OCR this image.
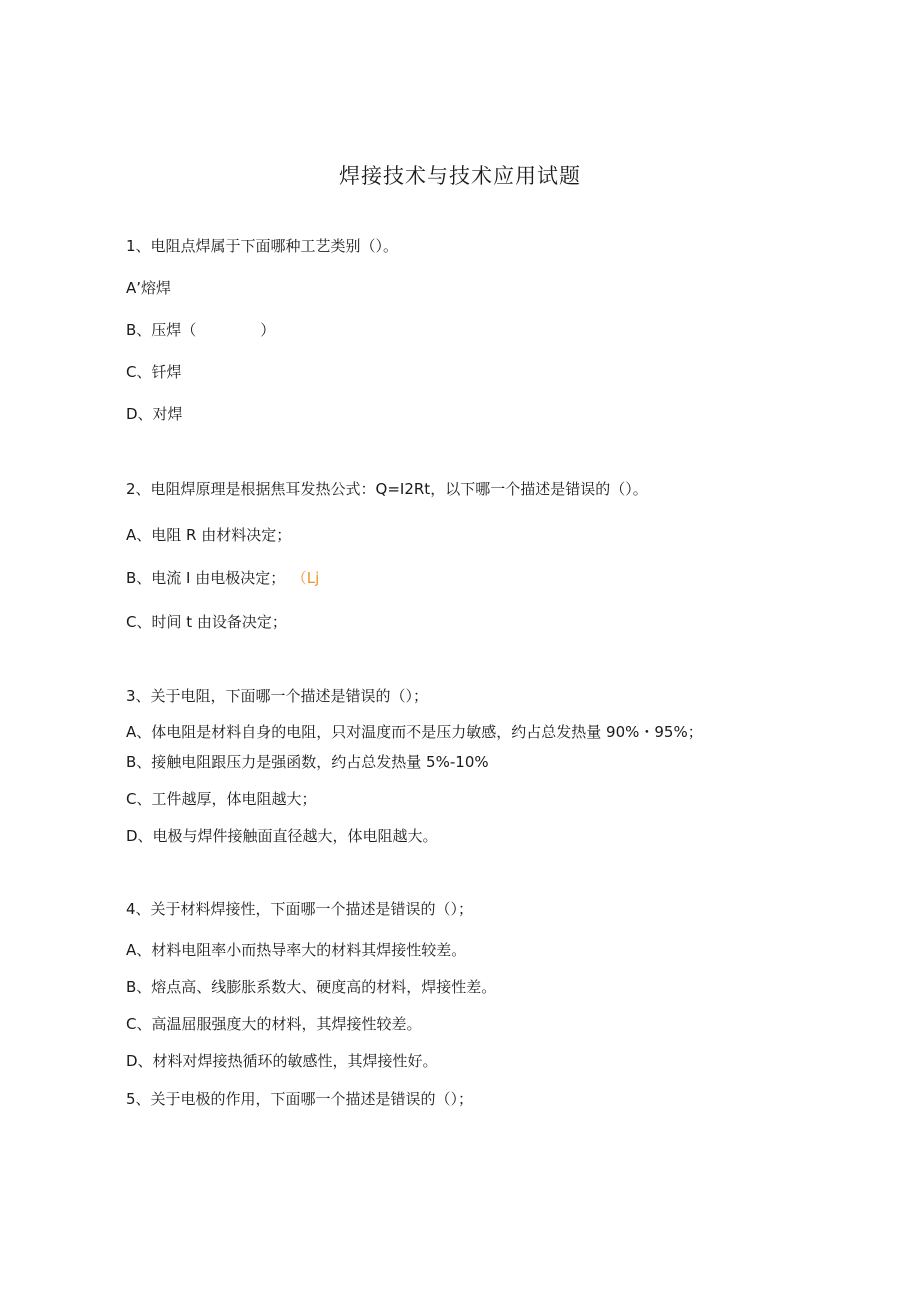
焊接技术与技术应用试题
1、电阻点焊属于下面哪种工艺类别（）。
A’熔焊
B、压焊（	）
C、钎焊
D、对焊
2、电阻焊原理是根据焦耳发热公式：Q=I2Rt，以下哪一个描述是错误的（）。
A、电阻 R 由材料决定；
B、电流 I 由电极决定； （Lj
C、时间 t 由设备决定；
3、关于电阻，下面哪一个描述是错误的（）；
A、体电阻是材料自身的电阻，只对温度而不是压力敏感，约占总发热量 90%・95%；
B、接触电阻跟压力是强函数，约占总发热量 5%-10%
C、工件越厚，体电阻越大；
D、电极与焊件接触面直径越大，体电阻越大。
4、关于材料焊接性，下面哪一个描述是错误的（）；
A、材料电阻率小而热导率大的材料其焊接性较差。
B、熔点高、线膨胀系数大、硬度高的材料，焊接性差。
C、高温屈服强度大的材料，其焊接性较差。
D、材料对焊接热循环的敏感性，其焊接性好。
5、关于电极的作用，下面哪一个描述是错误的（）；
